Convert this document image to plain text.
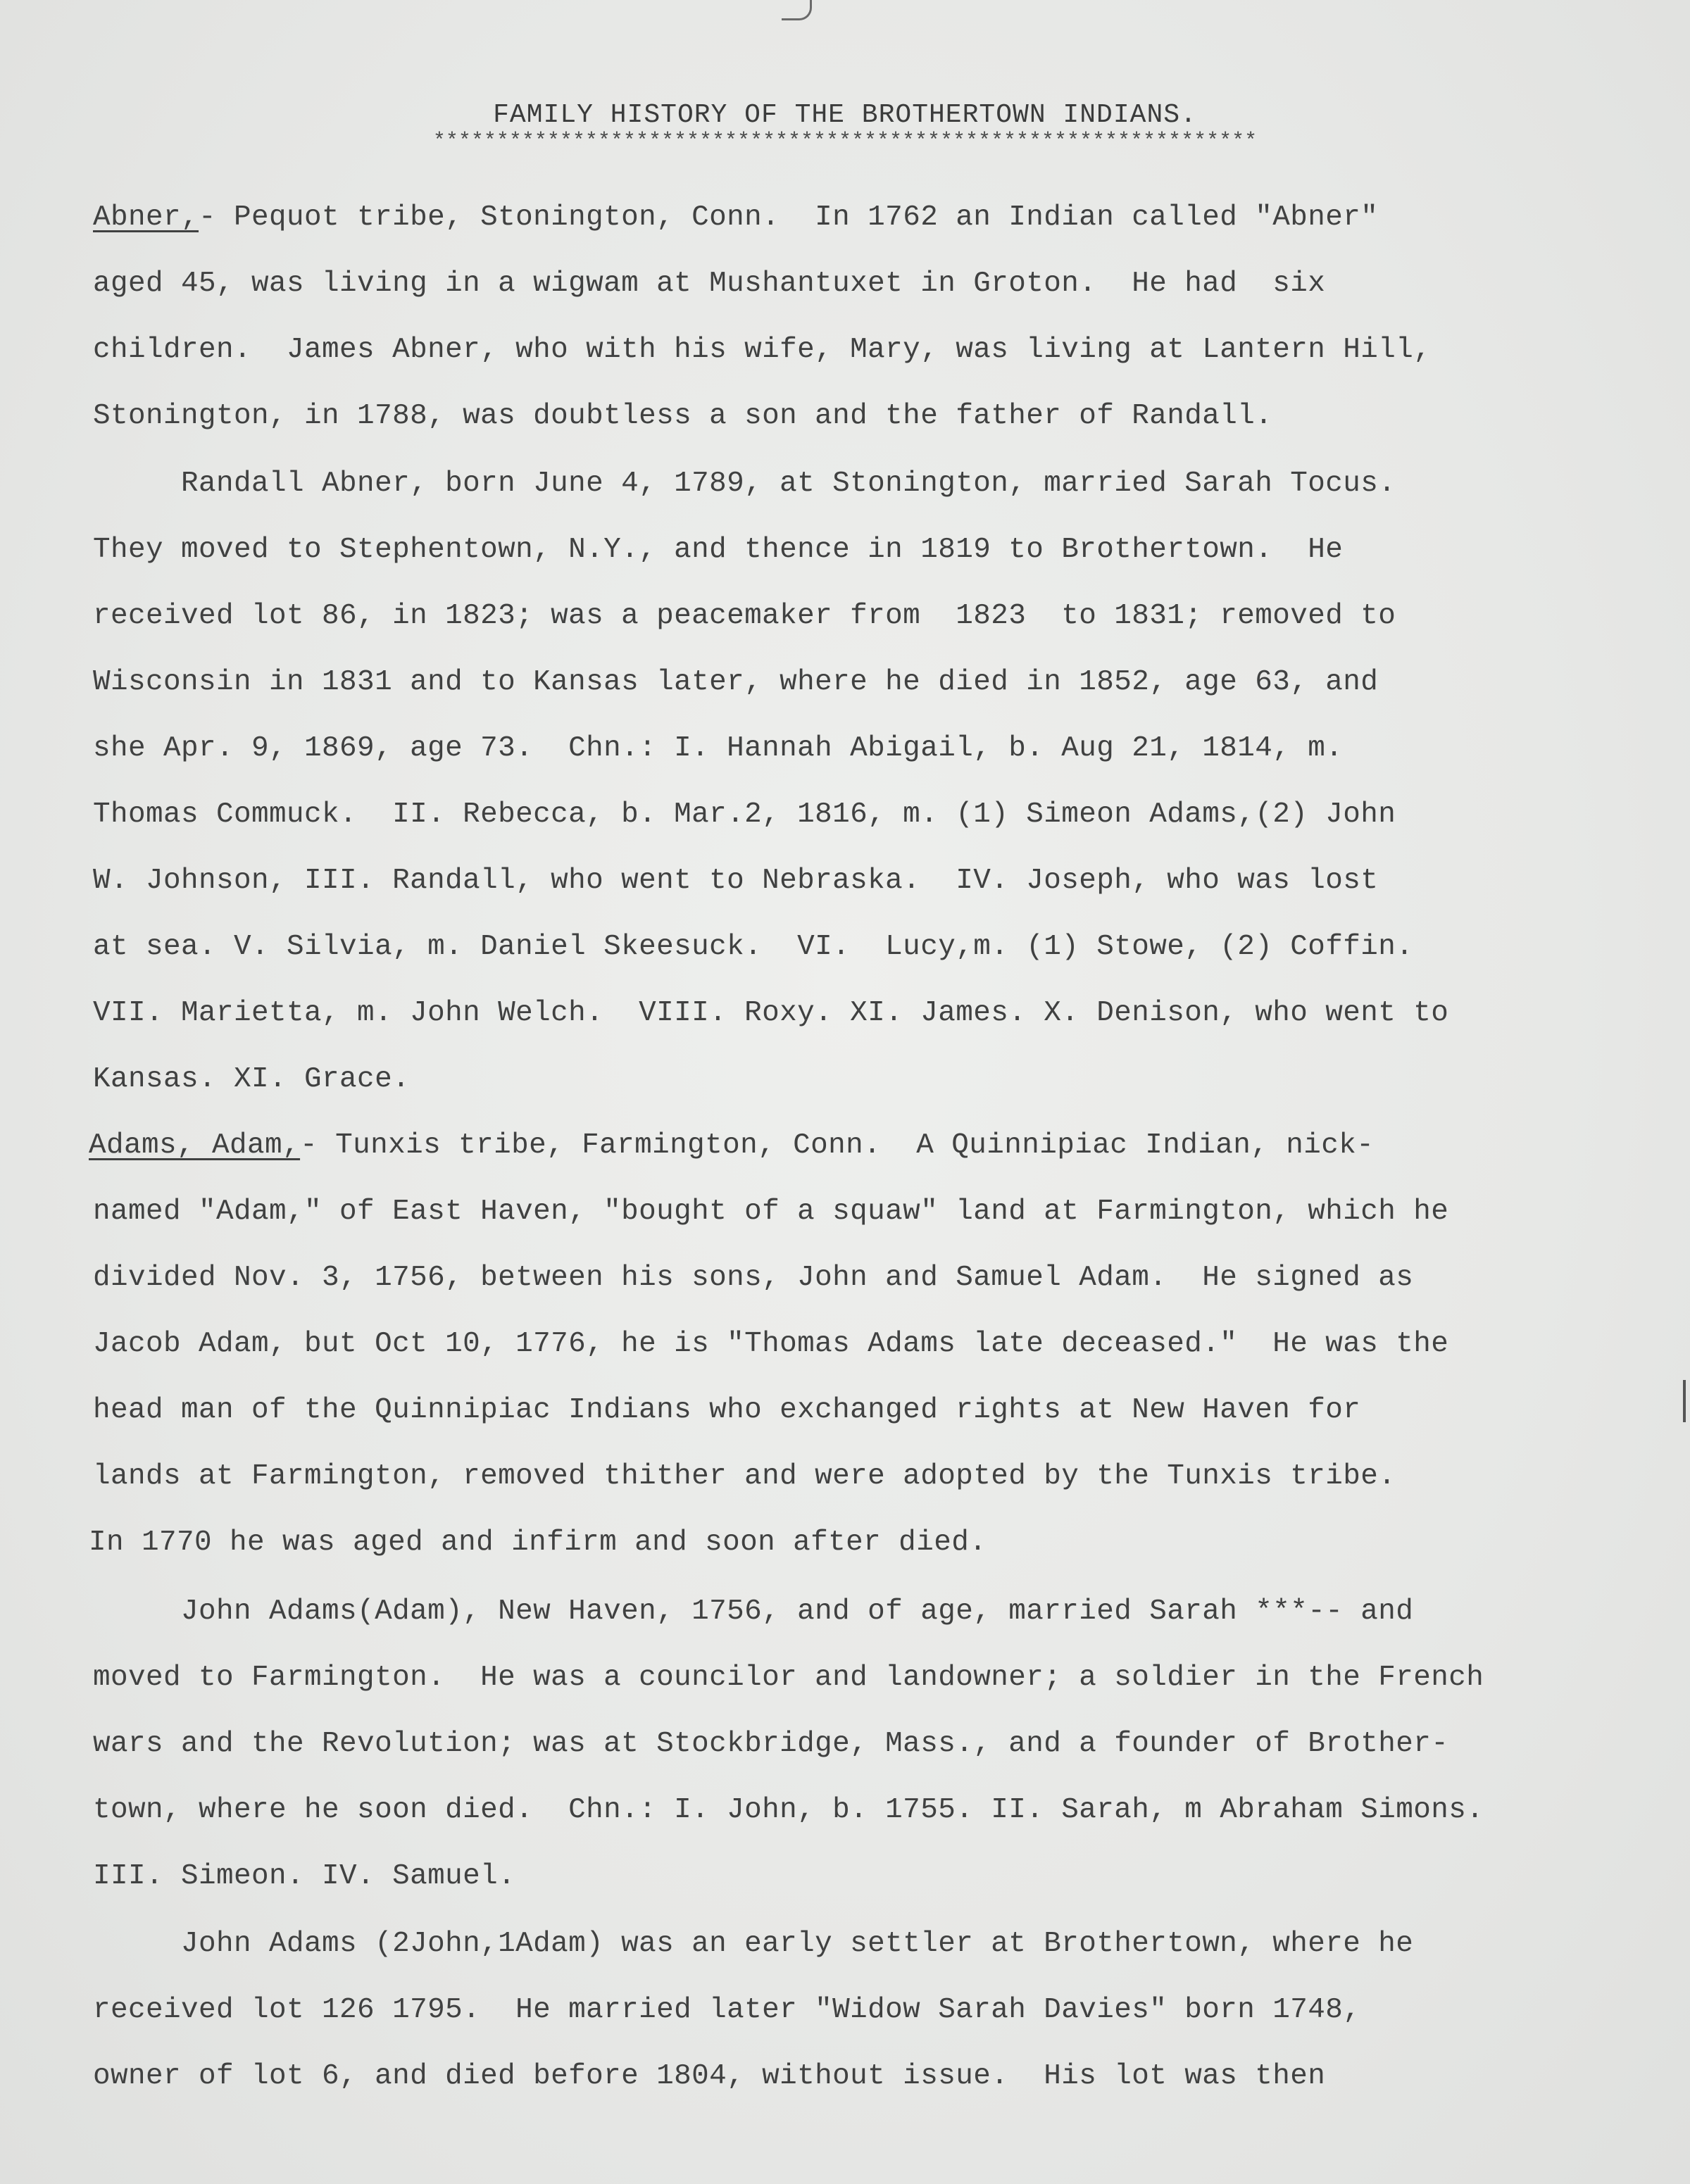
FAMILY HISTORY OF THE BROTHERTOWN INDIANS.
*****************************************************************
Abner,- Pequot tribe, Stonington, Conn.  In 1762 an Indian called "Abner"
aged 45, was living in a wigwam at Mushantuxet in Groton.  He had  six
children.  James Abner, who with his wife, Mary, was living at Lantern Hill,
Stonington, in 1788, was doubtless a son and the father of Randall.
Randall Abner, born June 4, 1789, at Stonington, married Sarah Tocus.
They moved to Stephentown, N.Y., and thence in 1819 to Brothertown.  He
received lot 86, in 1823; was a peacemaker from  1823  to 1831; removed to
Wisconsin in 1831 and to Kansas later, where he died in 1852, age 63, and
she Apr. 9, 1869, age 73.  Chn.: I. Hannah Abigail, b. Aug 21, 1814, m.
Thomas Commuck.  II. Rebecca, b. Mar.2, 1816, m. (1) Simeon Adams,(2) John
W. Johnson, III. Randall, who went to Nebraska.  IV. Joseph, who was lost
at sea. V. Silvia, m. Daniel Skeesuck.  VI.  Lucy,m. (1) Stowe, (2) Coffin.
VII. Marietta, m. John Welch.  VIII. Roxy. XI. James. X. Denison, who went to
Kansas. XI. Grace.
Adams, Adam,- Tunxis tribe, Farmington, Conn.  A Quinnipiac Indian, nick-
named "Adam," of East Haven, "bought of a squaw" land at Farmington, which he
divided Nov. 3, 1756, between his sons, John and Samuel Adam.  He signed as
Jacob Adam, but Oct 10, 1776, he is "Thomas Adams late deceased."  He was the
head man of the Quinnipiac Indians who exchanged rights at New Haven for
lands at Farmington, removed thither and were adopted by the Tunxis tribe.
In 1770 he was aged and infirm and soon after died.
John Adams(Adam), New Haven, 1756, and of age, married Sarah ***-- and
moved to Farmington.  He was a councilor and landowner; a soldier in the French
wars and the Revolution; was at Stockbridge, Mass., and a founder of Brother-
town, where he soon died.  Chn.: I. John, b. 1755. II. Sarah, m Abraham Simons.
III. Simeon. IV. Samuel.
John Adams (2John,1Adam) was an early settler at Brothertown, where he
received lot 126 1795.  He married later "Widow Sarah Davies" born 1748,
owner of lot 6, and died before 1804, without issue.  His lot was then
